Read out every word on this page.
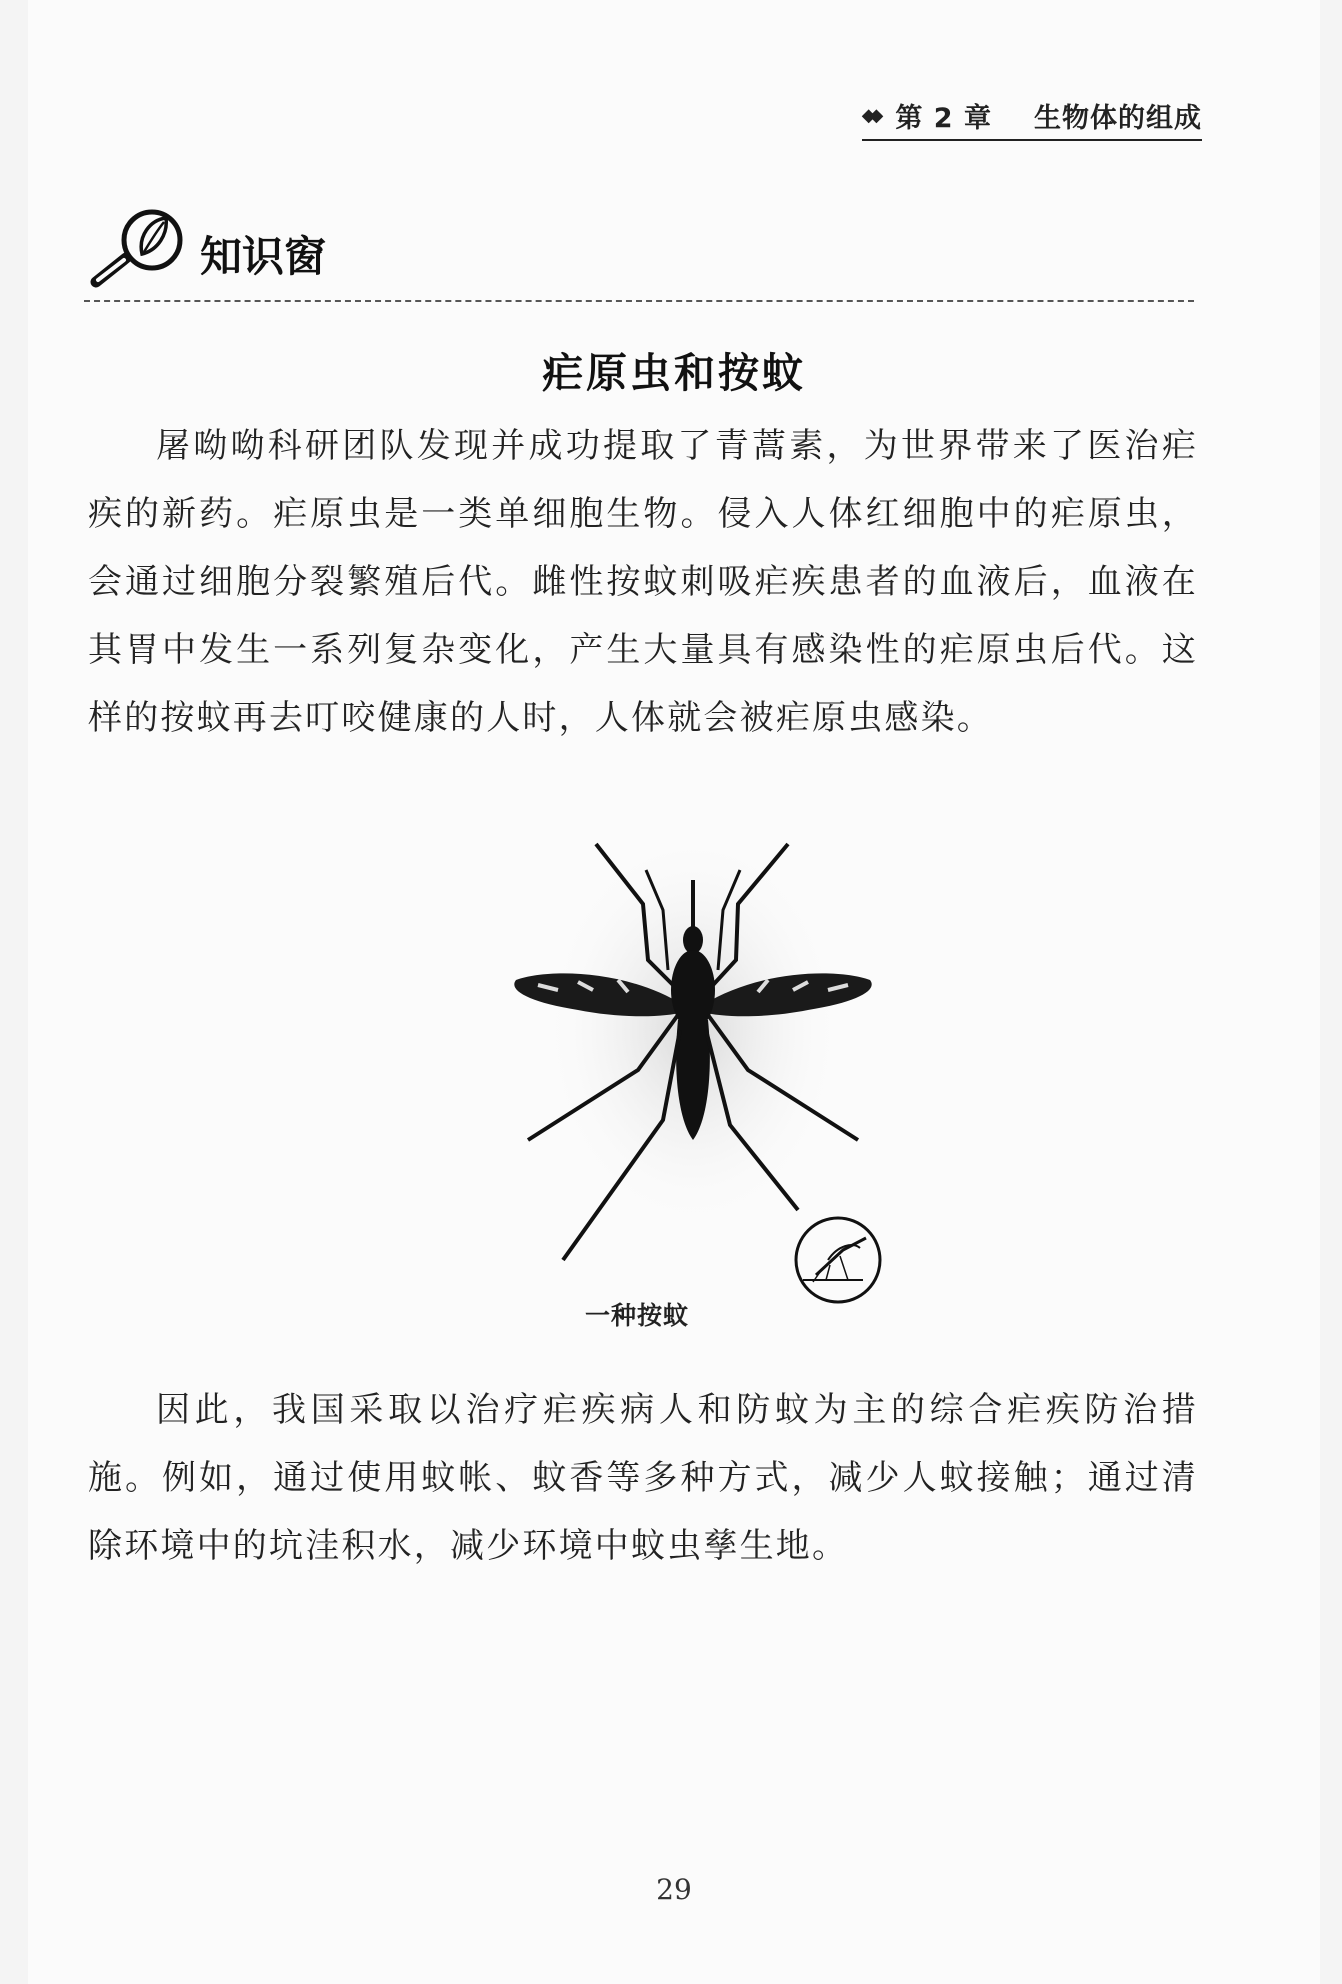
◆◆ 第 2 章 生物体的组成
知识窗
疟原虫和按蚊

屠呦呦科研团队发现并成功提取了青蒿素，为世界带来了医治疟疾的新药。疟原虫是一类单细胞生物。侵入人体红细胞中的疟原虫，会通过细胞分裂繁殖后代。雌性按蚊刺吸疟疾患者的血液后，血液在其胃中发生一系列复杂变化，产生大量具有感染性的疟原虫后代。这样的按蚊再去叮咬健康的人时，人体就会被疟原虫感染。

一种按蚊

因此，我国采取以治疗疟疾病人和防蚊为主的综合疟疾防治措施。例如，通过使用蚊帐、蚊香等多种方式，减少人蚊接触；通过清除环境中的坑洼积水，减少环境中蚊虫孳生地。

29
